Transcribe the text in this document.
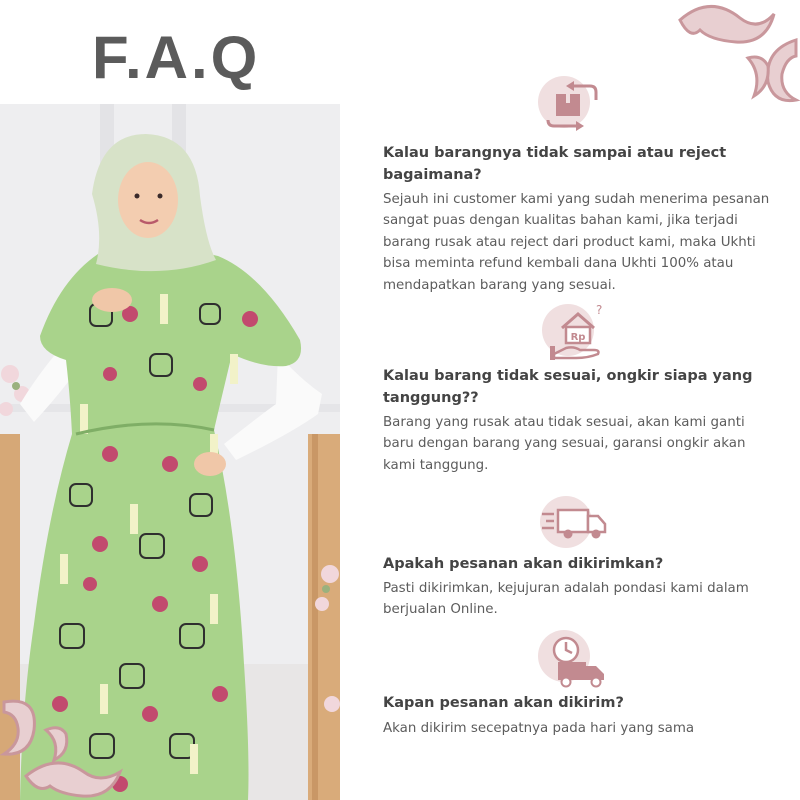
F.A.Q
Kalau barangnya tidak sampai atau reject bagaimana?
Sejauh ini customer kami yang sudah menerima pesanan sangat puas dengan kualitas bahan kami, jika terjadi barang rusak atau reject dari product kami, maka Ukhti bisa meminta refund kembali dana Ukhti 100% atau mendapatkan barang yang sesuai.
Rp
?
Kalau barang tidak sesuai, ongkir siapa yang tanggung??
Barang yang rusak atau tidak sesuai, akan kami ganti baru dengan barang yang sesuai, garansi ongkir akan kami tanggung.
Apakah pesanan akan dikirimkan?
Pasti dikirimkan, kejujuran adalah pondasi kami dalam berjualan Online.
Kapan pesanan akan dikirim?
Akan dikirim secepatnya pada hari yang sama
